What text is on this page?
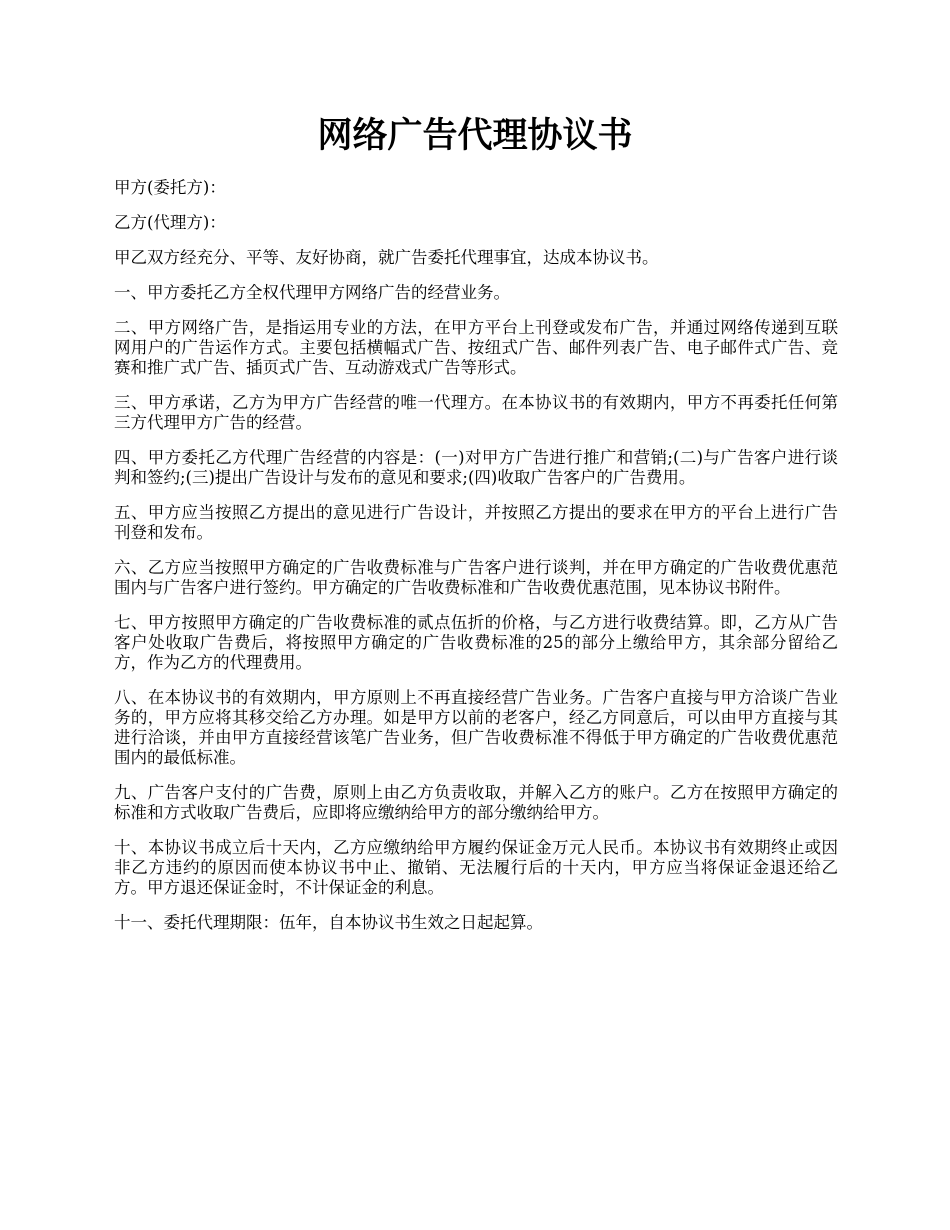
网络广告代理协议书

甲方(委托方)：

乙方(代理方)：

甲乙双方经充分、平等、友好协商，就广告委托代理事宜，达成本协议书。

一、甲方委托乙方全权代理甲方网络广告的经营业务。

二、甲方网络广告，是指运用专业的方法，在甲方平台上刊登或发布广告，并通过网络传递到互联网用户的广告运作方式。主要包括横幅式广告、按纽式广告、邮件列表广告、电子邮件式广告、竞赛和推广式广告、插页式广告、互动游戏式广告等形式。

三、甲方承诺，乙方为甲方广告经营的唯一代理方。在本协议书的有效期内，甲方不再委托任何第三方代理甲方广告的经营。

四、甲方委托乙方代理广告经营的内容是：(一)对甲方广告进行推广和营销;(二)与广告客户进行谈判和签约;(三)提出广告设计与发布的意见和要求;(四)收取广告客户的广告费用。

五、甲方应当按照乙方提出的意见进行广告设计，并按照乙方提出的要求在甲方的平台上进行广告刊登和发布。

六、乙方应当按照甲方确定的广告收费标准与广告客户进行谈判，并在甲方确定的广告收费优惠范围内与广告客户进行签约。甲方确定的广告收费标准和广告收费优惠范围，见本协议书附件。

七、甲方按照甲方确定的广告收费标准的贰点伍折的价格，与乙方进行收费结算。即，乙方从广告客户处收取广告费后，将按照甲方确定的广告收费标准的25的部分上缴给甲方，其余部分留给乙方，作为乙方的代理费用。

八、在本协议书的有效期内，甲方原则上不再直接经营广告业务。广告客户直接与甲方洽谈广告业务的，甲方应将其移交给乙方办理。如是甲方以前的老客户，经乙方同意后，可以由甲方直接与其进行洽谈，并由甲方直接经营该笔广告业务，但广告收费标准不得低于甲方确定的广告收费优惠范围内的最低标准。

九、广告客户支付的广告费，原则上由乙方负责收取，并解入乙方的账户。乙方在按照甲方确定的标准和方式收取广告费后，应即将应缴纳给甲方的部分缴纳给甲方。

十、本协议书成立后十天内，乙方应缴纳给甲方履约保证金万元人民币。本协议书有效期终止或因非乙方违约的原因而使本协议书中止、撤销、无法履行后的十天内，甲方应当将保证金退还给乙方。甲方退还保证金时，不计保证金的利息。

十一、委托代理期限：伍年，自本协议书生效之日起起算。
